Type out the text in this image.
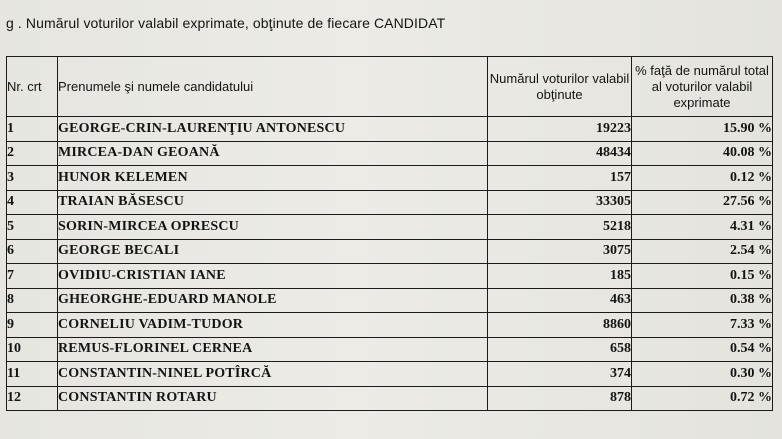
g . Numărul voturilor valabil exprimate, obţinute de fiecare CANDIDAT
Nr. crt	Prenumele şi numele candidatului	Numărul voturilor valabil obţinute	% faţă de numărul total al voturilor valabil exprimate
1	GEORGE-CRIN-LAURENŢIU ANTONESCU	19223	15.90 %
2	MIRCEA-DAN GEOANĂ	48434	40.08 %
3	HUNOR KELEMEN	157	0.12 %
4	TRAIAN BĂSESCU	33305	27.56 %
5	SORIN-MIRCEA OPRESCU	5218	4.31 %
6	GEORGE BECALI	3075	2.54 %
7	OVIDIU-CRISTIAN IANE	185	0.15 %
8	GHEORGHE-EDUARD MANOLE	463	0.38 %
9	CORNELIU VADIM-TUDOR	8860	7.33 %
10	REMUS-FLORINEL CERNEA	658	0.54 %
11	CONSTANTIN-NINEL POTÎRCĂ	374	0.30 %
12	CONSTANTIN ROTARU	878	0.72 %
